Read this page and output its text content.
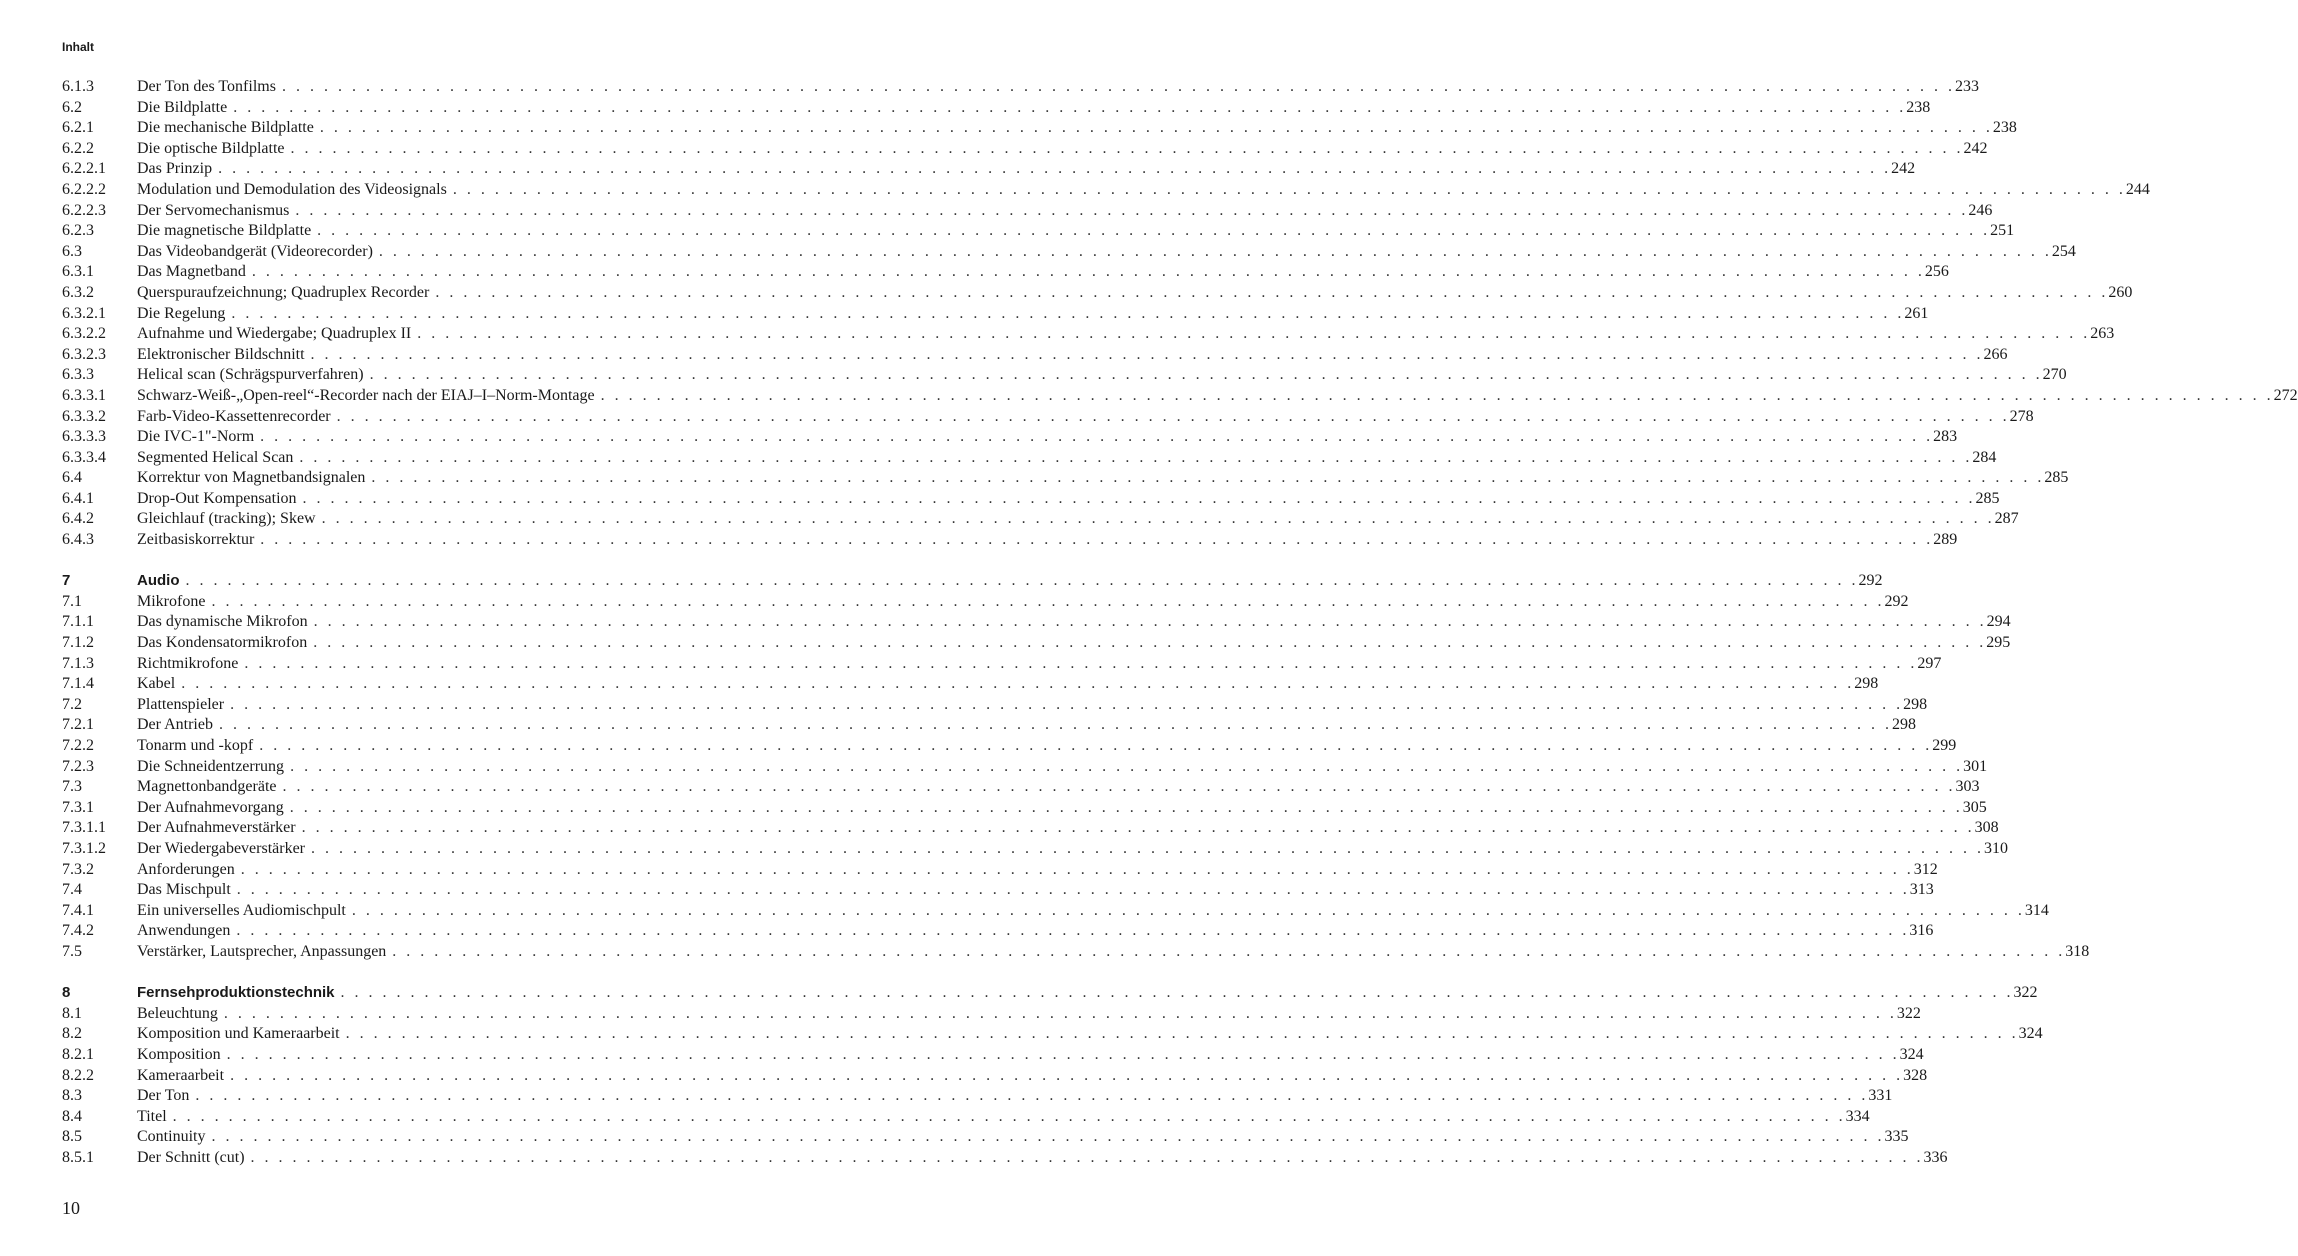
Inhalt
6.1.3	Der Ton des Tonfilms . . . . . . . . . . . . . . . . . . . . . . . . . . . . . . . . . . . . . . . . . . . . . . . . . . . . . . . . . . . . . . . . . . . . . . . . . . . . . . . . . . . . . . . . . . . . . . . . . . . . . . . . . . . . . . . . . . . . . . . . 233
6.2	Die Bildplatte . . . . . . . . . . . . . . . . . . . . . . . . . . . . . . . . . . . . . . . . . . . . . . . . . . . . . . . . . . . . . . . . . . . . . . . . . . . . . . . . . . . . . . . . . . . . . . . . . . . . . . . . . . . . . . . . . . . . . . . . 238
6.2.1	Die mechanische Bildplatte . . . . . . . . . . . . . . . . . . . . . . . . . . . . . . . . . . . . . . . . . . . . . . . . . . . . . . . . . . . . . . . . . . . . . . . . . . . . . . . . . . . . . . . . . . . . . . . . . . . . . . . . . . . . . . . . . . . . . . . . 238
6.2.2	Die optische Bildplatte . . . . . . . . . . . . . . . . . . . . . . . . . . . . . . . . . . . . . . . . . . . . . . . . . . . . . . . . . . . . . . . . . . . . . . . . . . . . . . . . . . . . . . . . . . . . . . . . . . . . . . . . . . . . . . . . . . . . . . . . 242
6.2.2.1	Das Prinzip . . . . . . . . . . . . . . . . . . . . . . . . . . . . . . . . . . . . . . . . . . . . . . . . . . . . . . . . . . . . . . . . . . . . . . . . . . . . . . . . . . . . . . . . . . . . . . . . . . . . . . . . . . . . . . . . . . . . . . . . 242
6.2.2.2	Modulation und Demodulation des Videosignals . . . . . . . . . . . . . . . . . . . . . . . . . . . . . . . . . . . . . . . . . . . . . . . . . . . . . . . . . . . . . . . . . . . . . . . . . . . . . . . . . . . . . . . . . . . . . . . . . . . . . . . . . . . . . . . . . . . . . . . . 244
6.2.2.3	Der Servomechanismus . . . . . . . . . . . . . . . . . . . . . . . . . . . . . . . . . . . . . . . . . . . . . . . . . . . . . . . . . . . . . . . . . . . . . . . . . . . . . . . . . . . . . . . . . . . . . . . . . . . . . . . . . . . . . . . . . . . . . . . . 246
6.2.3	Die magnetische Bildplatte . . . . . . . . . . . . . . . . . . . . . . . . . . . . . . . . . . . . . . . . . . . . . . . . . . . . . . . . . . . . . . . . . . . . . . . . . . . . . . . . . . . . . . . . . . . . . . . . . . . . . . . . . . . . . . . . . . . . . . . . 251
6.3	Das Videobandgerät (Videorecorder) . . . . . . . . . . . . . . . . . . . . . . . . . . . . . . . . . . . . . . . . . . . . . . . . . . . . . . . . . . . . . . . . . . . . . . . . . . . . . . . . . . . . . . . . . . . . . . . . . . . . . . . . . . . . . . . . . . . . . . . . 254
6.3.1	Das Magnetband . . . . . . . . . . . . . . . . . . . . . . . . . . . . . . . . . . . . . . . . . . . . . . . . . . . . . . . . . . . . . . . . . . . . . . . . . . . . . . . . . . . . . . . . . . . . . . . . . . . . . . . . . . . . . . . . . . . . . . . . 256
6.3.2	Querspuraufzeichnung; Quadruplex Recorder . . . . . . . . . . . . . . . . . . . . . . . . . . . . . . . . . . . . . . . . . . . . . . . . . . . . . . . . . . . . . . . . . . . . . . . . . . . . . . . . . . . . . . . . . . . . . . . . . . . . . . . . . . . . . . . . . . . . . . . . 260
6.3.2.1	Die Regelung . . . . . . . . . . . . . . . . . . . . . . . . . . . . . . . . . . . . . . . . . . . . . . . . . . . . . . . . . . . . . . . . . . . . . . . . . . . . . . . . . . . . . . . . . . . . . . . . . . . . . . . . . . . . . . . . . . . . . . . . 261
6.3.2.2	Aufnahme und Wiedergabe; Quadruplex II . . . . . . . . . . . . . . . . . . . . . . . . . . . . . . . . . . . . . . . . . . . . . . . . . . . . . . . . . . . . . . . . . . . . . . . . . . . . . . . . . . . . . . . . . . . . . . . . . . . . . . . . . . . . . . . . . . . . . . . . 263
6.3.2.3	Elektronischer Bildschnitt . . . . . . . . . . . . . . . . . . . . . . . . . . . . . . . . . . . . . . . . . . . . . . . . . . . . . . . . . . . . . . . . . . . . . . . . . . . . . . . . . . . . . . . . . . . . . . . . . . . . . . . . . . . . . . . . . . . . . . . . 266
6.3.3	Helical scan (Schrägspurverfahren) . . . . . . . . . . . . . . . . . . . . . . . . . . . . . . . . . . . . . . . . . . . . . . . . . . . . . . . . . . . . . . . . . . . . . . . . . . . . . . . . . . . . . . . . . . . . . . . . . . . . . . . . . . . . . . . . . . . . . . . . 270
6.3.3.1	Schwarz-Weiß-„Open-reel“-Recorder nach der EIAJ–I–Norm-Montage . . . . . . . . . . . . . . . . . . . . . . . . . . . . . . . . . . . . . . . . . . . . . . . . . . . . . . . . . . . . . . . . . . . . . . . . . . . . . . . . . . . . . . . . . . . . . . . . . . . . . . . . . . . . . . . . . . . . . . . . 272
6.3.3.2	Farb-Video-Kassettenrecorder . . . . . . . . . . . . . . . . . . . . . . . . . . . . . . . . . . . . . . . . . . . . . . . . . . . . . . . . . . . . . . . . . . . . . . . . . . . . . . . . . . . . . . . . . . . . . . . . . . . . . . . . . . . . . . . . . . . . . . . . 278
6.3.3.3	Die IVC-1"-Norm . . . . . . . . . . . . . . . . . . . . . . . . . . . . . . . . . . . . . . . . . . . . . . . . . . . . . . . . . . . . . . . . . . . . . . . . . . . . . . . . . . . . . . . . . . . . . . . . . . . . . . . . . . . . . . . . . . . . . . . . 283
6.3.3.4	Segmented Helical Scan . . . . . . . . . . . . . . . . . . . . . . . . . . . . . . . . . . . . . . . . . . . . . . . . . . . . . . . . . . . . . . . . . . . . . . . . . . . . . . . . . . . . . . . . . . . . . . . . . . . . . . . . . . . . . . . . . . . . . . . . 284
6.4	Korrektur von Magnetbandsignalen . . . . . . . . . . . . . . . . . . . . . . . . . . . . . . . . . . . . . . . . . . . . . . . . . . . . . . . . . . . . . . . . . . . . . . . . . . . . . . . . . . . . . . . . . . . . . . . . . . . . . . . . . . . . . . . . . . . . . . . . 285
6.4.1	Drop-Out Kompensation . . . . . . . . . . . . . . . . . . . . . . . . . . . . . . . . . . . . . . . . . . . . . . . . . . . . . . . . . . . . . . . . . . . . . . . . . . . . . . . . . . . . . . . . . . . . . . . . . . . . . . . . . . . . . . . . . . . . . . . . 285
6.4.2	Gleichlauf (tracking); Skew . . . . . . . . . . . . . . . . . . . . . . . . . . . . . . . . . . . . . . . . . . . . . . . . . . . . . . . . . . . . . . . . . . . . . . . . . . . . . . . . . . . . . . . . . . . . . . . . . . . . . . . . . . . . . . . . . . . . . . . . 287
6.4.3	Zeitbasiskorrektur . . . . . . . . . . . . . . . . . . . . . . . . . . . . . . . . . . . . . . . . . . . . . . . . . . . . . . . . . . . . . . . . . . . . . . . . . . . . . . . . . . . . . . . . . . . . . . . . . . . . . . . . . . . . . . . . . . . . . . . . 289
7	Audio . . . . . . . . . . . . . . . . . . . . . . . . . . . . . . . . . . . . . . . . . . . . . . . . . . . . . . . . . . . . . . . . . . . . . . . . . . . . . . . . . . . . . . . . . . . . . . . . . . . . . . . . . . . . . . . . . . . . . . . . 292
7.1	Mikrofone . . . . . . . . . . . . . . . . . . . . . . . . . . . . . . . . . . . . . . . . . . . . . . . . . . . . . . . . . . . . . . . . . . . . . . . . . . . . . . . . . . . . . . . . . . . . . . . . . . . . . . . . . . . . . . . . . . . . . . . . 292
7.1.1	Das dynamische Mikrofon . . . . . . . . . . . . . . . . . . . . . . . . . . . . . . . . . . . . . . . . . . . . . . . . . . . . . . . . . . . . . . . . . . . . . . . . . . . . . . . . . . . . . . . . . . . . . . . . . . . . . . . . . . . . . . . . . . . . . . . . 294
7.1.2	Das Kondensatormikrofon . . . . . . . . . . . . . . . . . . . . . . . . . . . . . . . . . . . . . . . . . . . . . . . . . . . . . . . . . . . . . . . . . . . . . . . . . . . . . . . . . . . . . . . . . . . . . . . . . . . . . . . . . . . . . . . . . . . . . . . . 295
7.1.3	Richtmikrofone . . . . . . . . . . . . . . . . . . . . . . . . . . . . . . . . . . . . . . . . . . . . . . . . . . . . . . . . . . . . . . . . . . . . . . . . . . . . . . . . . . . . . . . . . . . . . . . . . . . . . . . . . . . . . . . . . . . . . . . . 297
7.1.4	Kabel . . . . . . . . . . . . . . . . . . . . . . . . . . . . . . . . . . . . . . . . . . . . . . . . . . . . . . . . . . . . . . . . . . . . . . . . . . . . . . . . . . . . . . . . . . . . . . . . . . . . . . . . . . . . . . . . . . . . . . . . 298
7.2	Plattenspieler . . . . . . . . . . . . . . . . . . . . . . . . . . . . . . . . . . . . . . . . . . . . . . . . . . . . . . . . . . . . . . . . . . . . . . . . . . . . . . . . . . . . . . . . . . . . . . . . . . . . . . . . . . . . . . . . . . . . . . . . 298
7.2.1	Der Antrieb . . . . . . . . . . . . . . . . . . . . . . . . . . . . . . . . . . . . . . . . . . . . . . . . . . . . . . . . . . . . . . . . . . . . . . . . . . . . . . . . . . . . . . . . . . . . . . . . . . . . . . . . . . . . . . . . . . . . . . . . 298
7.2.2	Tonarm und -kopf . . . . . . . . . . . . . . . . . . . . . . . . . . . . . . . . . . . . . . . . . . . . . . . . . . . . . . . . . . . . . . . . . . . . . . . . . . . . . . . . . . . . . . . . . . . . . . . . . . . . . . . . . . . . . . . . . . . . . . . . 299
7.2.3	Die Schneidentzerrung . . . . . . . . . . . . . . . . . . . . . . . . . . . . . . . . . . . . . . . . . . . . . . . . . . . . . . . . . . . . . . . . . . . . . . . . . . . . . . . . . . . . . . . . . . . . . . . . . . . . . . . . . . . . . . . . . . . . . . . . 301
7.3	Magnettonbandgeräte . . . . . . . . . . . . . . . . . . . . . . . . . . . . . . . . . . . . . . . . . . . . . . . . . . . . . . . . . . . . . . . . . . . . . . . . . . . . . . . . . . . . . . . . . . . . . . . . . . . . . . . . . . . . . . . . . . . . . . . . 303
7.3.1	Der Aufnahmevorgang . . . . . . . . . . . . . . . . . . . . . . . . . . . . . . . . . . . . . . . . . . . . . . . . . . . . . . . . . . . . . . . . . . . . . . . . . . . . . . . . . . . . . . . . . . . . . . . . . . . . . . . . . . . . . . . . . . . . . . . . 305
7.3.1.1	Der Aufnahmeverstärker . . . . . . . . . . . . . . . . . . . . . . . . . . . . . . . . . . . . . . . . . . . . . . . . . . . . . . . . . . . . . . . . . . . . . . . . . . . . . . . . . . . . . . . . . . . . . . . . . . . . . . . . . . . . . . . . . . . . . . . . 308
7.3.1.2	Der Wiedergabeverstärker . . . . . . . . . . . . . . . . . . . . . . . . . . . . . . . . . . . . . . . . . . . . . . . . . . . . . . . . . . . . . . . . . . . . . . . . . . . . . . . . . . . . . . . . . . . . . . . . . . . . . . . . . . . . . . . . . . . . . . . . 310
7.3.2	Anforderungen . . . . . . . . . . . . . . . . . . . . . . . . . . . . . . . . . . . . . . . . . . . . . . . . . . . . . . . . . . . . . . . . . . . . . . . . . . . . . . . . . . . . . . . . . . . . . . . . . . . . . . . . . . . . . . . . . . . . . . . . 312
7.4	Das Mischpult . . . . . . . . . . . . . . . . . . . . . . . . . . . . . . . . . . . . . . . . . . . . . . . . . . . . . . . . . . . . . . . . . . . . . . . . . . . . . . . . . . . . . . . . . . . . . . . . . . . . . . . . . . . . . . . . . . . . . . . . 313
7.4.1	Ein universelles Audiomischpult . . . . . . . . . . . . . . . . . . . . . . . . . . . . . . . . . . . . . . . . . . . . . . . . . . . . . . . . . . . . . . . . . . . . . . . . . . . . . . . . . . . . . . . . . . . . . . . . . . . . . . . . . . . . . . . . . . . . . . . . 314
7.4.2	Anwendungen . . . . . . . . . . . . . . . . . . . . . . . . . . . . . . . . . . . . . . . . . . . . . . . . . . . . . . . . . . . . . . . . . . . . . . . . . . . . . . . . . . . . . . . . . . . . . . . . . . . . . . . . . . . . . . . . . . . . . . . . 316
7.5	Verstärker, Lautsprecher, Anpassungen . . . . . . . . . . . . . . . . . . . . . . . . . . . . . . . . . . . . . . . . . . . . . . . . . . . . . . . . . . . . . . . . . . . . . . . . . . . . . . . . . . . . . . . . . . . . . . . . . . . . . . . . . . . . . . . . . . . . . . . . 318
8	Fernsehproduktionstechnik . . . . . . . . . . . . . . . . . . . . . . . . . . . . . . . . . . . . . . . . . . . . . . . . . . . . . . . . . . . . . . . . . . . . . . . . . . . . . . . . . . . . . . . . . . . . . . . . . . . . . . . . . . . . . . . . . . . . . . . . 322
8.1	Beleuchtung . . . . . . . . . . . . . . . . . . . . . . . . . . . . . . . . . . . . . . . . . . . . . . . . . . . . . . . . . . . . . . . . . . . . . . . . . . . . . . . . . . . . . . . . . . . . . . . . . . . . . . . . . . . . . . . . . . . . . . . . 322
8.2	Komposition und Kameraarbeit . . . . . . . . . . . . . . . . . . . . . . . . . . . . . . . . . . . . . . . . . . . . . . . . . . . . . . . . . . . . . . . . . . . . . . . . . . . . . . . . . . . . . . . . . . . . . . . . . . . . . . . . . . . . . . . . . . . . . . . . 324
8.2.1	Komposition . . . . . . . . . . . . . . . . . . . . . . . . . . . . . . . . . . . . . . . . . . . . . . . . . . . . . . . . . . . . . . . . . . . . . . . . . . . . . . . . . . . . . . . . . . . . . . . . . . . . . . . . . . . . . . . . . . . . . . . . 324
8.2.2	Kameraarbeit . . . . . . . . . . . . . . . . . . . . . . . . . . . . . . . . . . . . . . . . . . . . . . . . . . . . . . . . . . . . . . . . . . . . . . . . . . . . . . . . . . . . . . . . . . . . . . . . . . . . . . . . . . . . . . . . . . . . . . . . 328
8.3	Der Ton . . . . . . . . . . . . . . . . . . . . . . . . . . . . . . . . . . . . . . . . . . . . . . . . . . . . . . . . . . . . . . . . . . . . . . . . . . . . . . . . . . . . . . . . . . . . . . . . . . . . . . . . . . . . . . . . . . . . . . . . 331
8.4	Titel . . . . . . . . . . . . . . . . . . . . . . . . . . . . . . . . . . . . . . . . . . . . . . . . . . . . . . . . . . . . . . . . . . . . . . . . . . . . . . . . . . . . . . . . . . . . . . . . . . . . . . . . . . . . . . . . . . . . . . . . 334
8.5	Continuity . . . . . . . . . . . . . . . . . . . . . . . . . . . . . . . . . . . . . . . . . . . . . . . . . . . . . . . . . . . . . . . . . . . . . . . . . . . . . . . . . . . . . . . . . . . . . . . . . . . . . . . . . . . . . . . . . . . . . . . . 335
8.5.1	Der Schnitt (cut) . . . . . . . . . . . . . . . . . . . . . . . . . . . . . . . . . . . . . . . . . . . . . . . . . . . . . . . . . . . . . . . . . . . . . . . . . . . . . . . . . . . . . . . . . . . . . . . . . . . . . . . . . . . . . . . . . . . . . . . . 336
10
